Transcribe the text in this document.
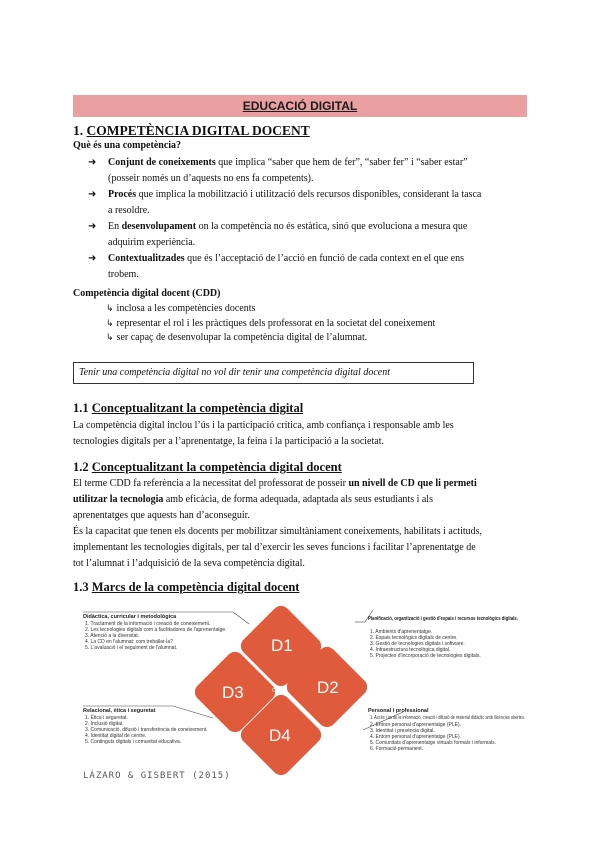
EDUCACIÓ DIGITAL
1. COMPETÈNCIA DIGITAL DOCENT
Què és una competència?
➜ Conjunt de coneixements que implica “saber que hem de fer”, “saber fer” i “saber estar”
(posseir només un d’aquests no ens fa competents).
➜ Procés que implica la mobilització i utilització dels recursos disponibles, considerant la tasca
a resoldre.
➜ En desenvolupament on la competència no és estàtica, sinó que evoluciona a mesura que
adquirim experiència.
➜ Contextualitzades que és l’acceptació de l’acció en funció de cada context en el que ens
trobem.
Competència digital docent (CDD)
↳ inclosa a les competències docents
↳ representar el rol i les pràctiques dels professorat en la societat del coneixement
↳ ser capaç de desenvolupar la competència digital de l’alumnat.
Tenir una competència digital no vol dir tenir una competència digital docent
1.1 Conceptualitzant la competència digital
La competència digital inclou l’ús i la participació crítica, amb confiança i responsable amb les
tecnologies digitals per a l’aprenentatge, la feina i la participació a la societat.
1.2 Conceptualitzant la competència digital docent
El terme CDD fa referència a la necessitat del professorat de posseir un nivell de CD que li permeti
utilitzar la tecnologia amb eficàcia, de forma adequada, adaptada als seus estudiants i als
aprenentatges que aquests han d’aconseguir.
És la capacitat que tenen els docents per mobilitzar simultàniament coneixements, habilitats i actituds,
implementant les tecnologies digitals, per tal d’exercir les seves funcions i facilitar l’aprenentatge de
tot l’alumnat i l’adquisició de la seva competència digital.
1.3 Marcs de la competència digital docent
D1
D2
D3
D4
CDD
Didàctica, curricular i metodològica
1. Tractament de la informació i creació de coneixement.
2. Les tecnologies digitals com a facilitadores de l'aprenentatge.
3. Atenció a la diversitat.
4. La CD en l'alumnat: com treballar-la?
5. L'avaluació i el seguiment de l'alumnat.
Planificació, organització i gestió d'espais i recursos tecnològics digitals.
1. Ambients d'aprenentatge.
2. Espais tecnològics digitals de centre.
3. Gestió de tecnologies digitals i software.
4. Infraestructura tecnològica digital.
5. Projectes d'incorporació de tecnologies digitals.
Relacional, ètica i seguretat
1. Ètica i seguretat.
2. Inclusió digital.
3. Comunicació, difusió i transferència de coneixement.
4. Identitat digital de centre.
5. Continguts digitals i comunitat educativa.
Personal i professional
1. Accés i ús de la informació, creació i difusió de material didàctic amb llicències obertes.
2. Entorn personal d'aprenentatge (PLE).
3. Identitat i presència digital.
4. Entorn personal d'aprenentatge (PLE).
5. Comunitats d'aprenentatge virtuals formals i informals.
6. Formació permanent.
LÁZARO & GISBERT (2015)
